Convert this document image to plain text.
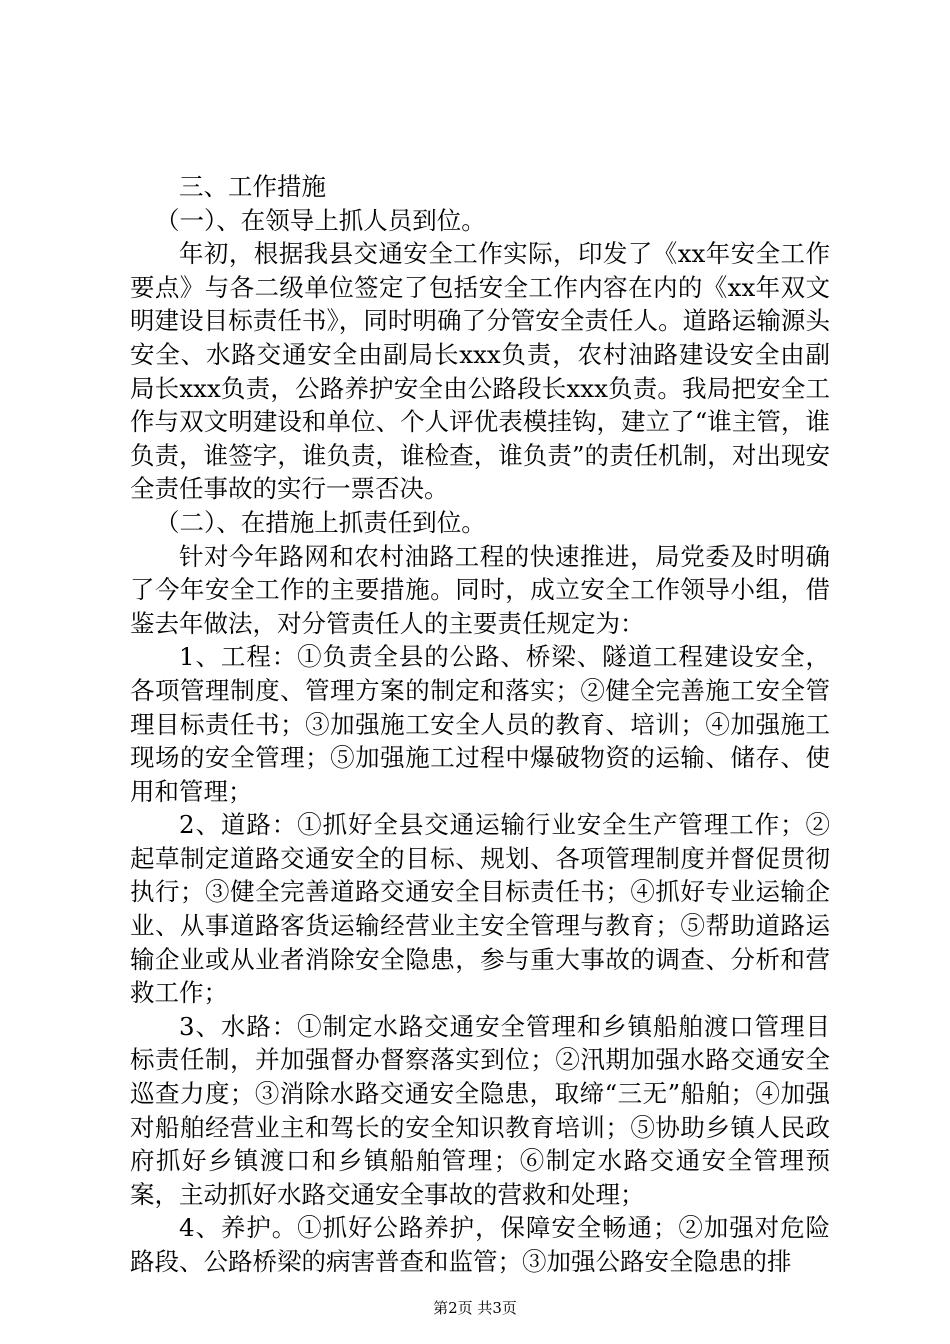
三、工作措施

（一）、在领导上抓人员到位。

年初，根据我县交通安全工作实际，印发了《xx年安全工作要点》与各二级单位签定了包括安全工作内容在内的《xx年双文明建设目标责任书》，同时明确了分管安全责任人。道路运输源头安全、水路交通安全由副局长xxx负责，农村油路建设安全由副局长xxx负责，公路养护安全由公路段长xxx负责。我局把安全工作与双文明建设和单位、个人评优表模挂钩，建立了“谁主管，谁负责，谁签字，谁负责，谁检查，谁负责”的责任机制，对出现安全责任事故的实行一票否决。

（二）、在措施上抓责任到位。

针对今年路网和农村油路工程的快速推进，局党委及时明确了今年安全工作的主要措施。同时，成立安全工作领导小组，借鉴去年做法，对分管责任人的主要责任规定为：

1、工程：①负责全县的公路、桥梁、隧道工程建设安全，各项管理制度、管理方案的制定和落实；②健全完善施工安全管理目标责任书；③加强施工安全人员的教育、培训；④加强施工现场的安全管理；⑤加强施工过程中爆破物资的运输、储存、使用和管理；

2、道路：①抓好全县交通运输行业安全生产管理工作；②起草制定道路交通安全的目标、规划、各项管理制度并督促贯彻执行；③健全完善道路交通安全目标责任书；④抓好专业运输企业、从事道路客货运输经营业主安全管理与教育；⑤帮助道路运输企业或从业者消除安全隐患，参与重大事故的调查、分析和营救工作；

3、水路：①制定水路交通安全管理和乡镇船舶渡口管理目标责任制，并加强督办督察落实到位；②汛期加强水路交通安全巡查力度；③消除水路交通安全隐患，取缔“三无”船舶；④加强对船舶经营业主和驾长的安全知识教育培训；⑤协助乡镇人民政府抓好乡镇渡口和乡镇船舶管理；⑥制定水路交通安全管理预案，主动抓好水路交通安全事故的营救和处理；

4、养护。①抓好公路养护，保障安全畅通；②加强对危险路段、公路桥梁的病害普查和监管；③加强公路安全隐患的排

第2页 共3页
